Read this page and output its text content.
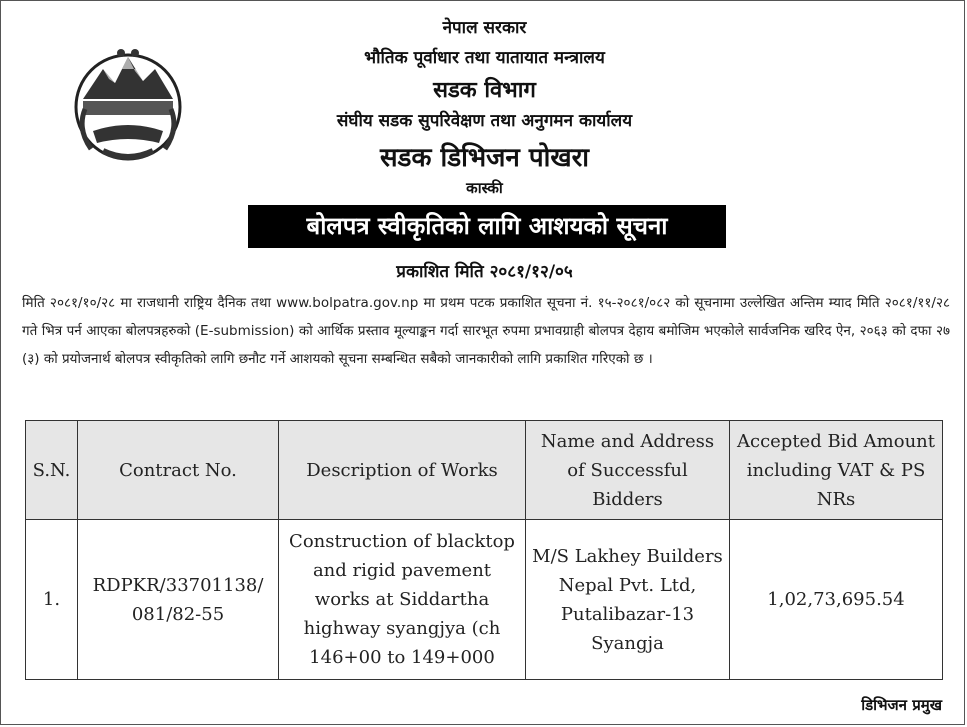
नेपाल सरकार
भौतिक पूर्वाधार तथा यातायात मन्त्रालय
सडक विभाग
संघीय सडक सुपरिवेक्षण तथा अनुगमन कार्यालय
सडक डिभिजन पोखरा
कास्की
बोलपत्र स्वीकृतिको लागि आशयको सूचना
प्रकाशित मिति २०८१/१२/०५
मिति २०८१/१०/२८ मा राजधानी राष्ट्रिय दैनिक तथा www.bolpatra.gov.np मा प्रथम पटक प्रकाशित सूचना नं. १५-२०८१/०८२ को सूचनामा उल्लेखित अन्तिम म्याद मिति २०८१/११/२८ गते भित्र पर्न आएका बोलपत्रहरुको (E-submission) को आर्थिक प्रस्ताव मूल्याङ्कन गर्दा सारभूत रुपमा प्रभावग्राही बोलपत्र देहाय बमोजिम भएकोले सार्वजनिक खरिद ऐन, २०६३ को दफा २७ (३) को प्रयोजनार्थ बोलपत्र स्वीकृतिको लागि छनौट गर्ने आशयको सूचना सम्बन्धित सबैको जानकारीको लागि प्रकाशित गरिएको छ ।
S.N.	Contract No.	Description of Works	Name and Address of Successful Bidders	Accepted Bid Amount including VAT & PS NRs
1.	RDPKR/33701138/ 081/82-55	Construction of blacktop and rigid pavement works at Siddartha highway syangjya (ch 146+00 to 149+000	M/S Lakhey Builders Nepal Pvt. Ltd, Putalibazar-13 Syangja	1,02,73,695.54
डिभिजन प्रमुख
